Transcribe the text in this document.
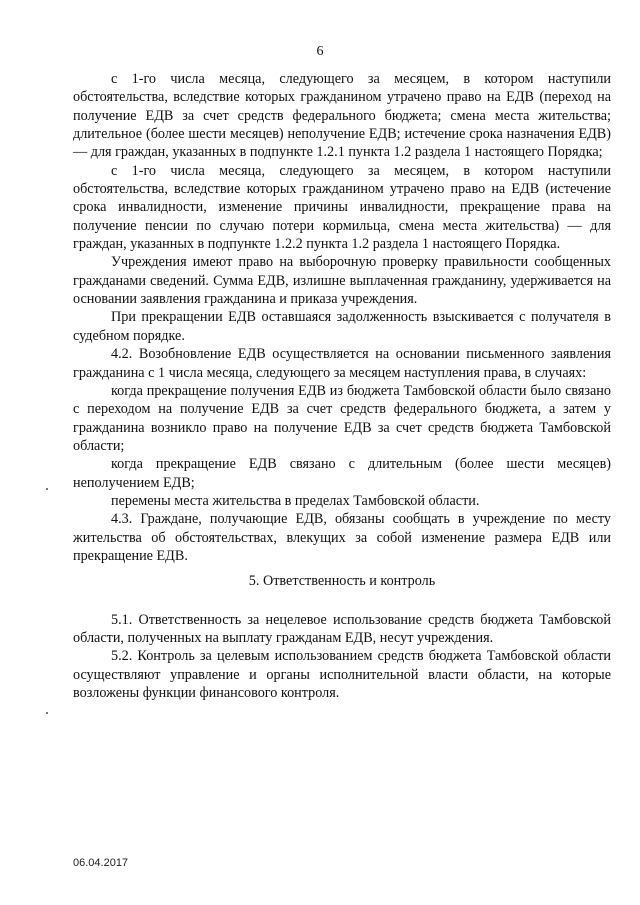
6

с 1-го числа месяца, следующего за месяцем, в котором наступили обстоятельства, вследствие которых гражданином утрачено право на ЕДВ (переход на получение ЕДВ за счет средств федерального бюджета; смена места жительства; длительное (более шести месяцев) неполучение ЕДВ; истечение срока назначения ЕДВ) — для граждан, указанных в подпункте 1.2.1 пункта 1.2 раздела 1 настоящего Порядка;

с 1-го числа месяца, следующего за месяцем, в котором наступили обстоятельства, вследствие которых гражданином утрачено право на ЕДВ (истечение срока инвалидности, изменение причины инвалидности, прекращение права на получение пенсии по случаю потери кормильца, смена места жительства) — для граждан, указанных в подпункте 1.2.2 пункта 1.2 раздела 1 настоящего Порядка.

Учреждения имеют право на выборочную проверку правильности сообщенных гражданами сведений. Сумма ЕДВ, излишне выплаченная гражданину, удерживается на основании заявления гражданина и приказа учреждения.

При прекращении ЕДВ оставшаяся задолженность взыскивается с получателя в судебном порядке.

4.2. Возобновление ЕДВ осуществляется на основании письменного заявления гражданина с 1 числа месяца, следующего за месяцем наступления права, в случаях:

когда прекращение получения ЕДВ из бюджета Тамбовской области было связано с переходом на получение ЕДВ за счет средств федерального бюджета, а затем у гражданина возникло право на получение ЕДВ за счет средств бюджета Тамбовской области;

когда прекращение ЕДВ связано с длительным (более шести месяцев) неполучением ЕДВ;

перемены места жительства в пределах Тамбовской области.

4.3. Граждане, получающие ЕДВ, обязаны сообщать в учреждение по месту жительства об обстоятельствах, влекущих за собой изменение размера ЕДВ или прекращение ЕДВ.

5. Ответственность и контроль

5.1. Ответственность за нецелевое использование средств бюджета Тамбовской области, полученных на выплату гражданам ЕДВ, несут учреждения.

5.2. Контроль за целевым использованием средств бюджета Тамбовской области осуществляют управление и органы исполнительной власти области, на которые возложены функции финансового контроля.

06.04.2017
